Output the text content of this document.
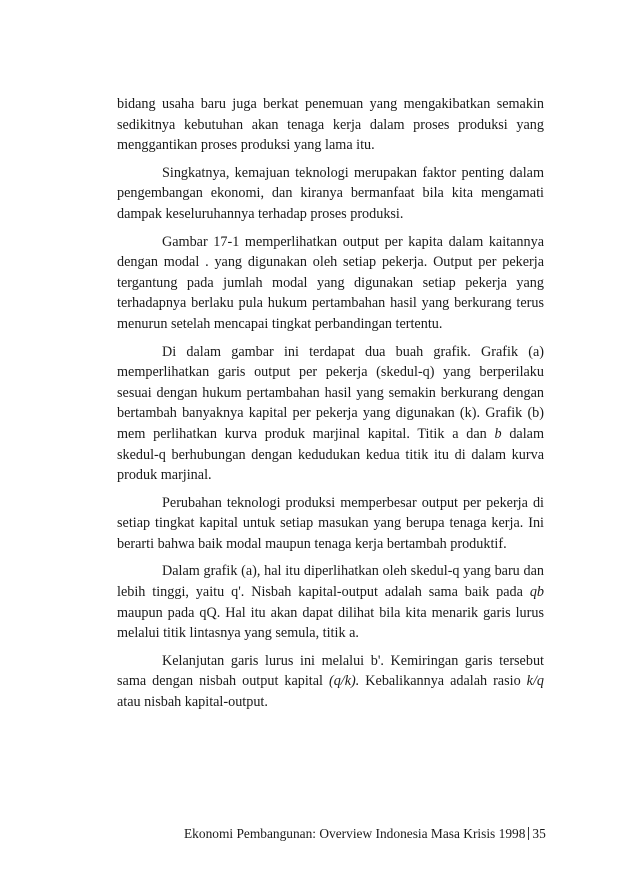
bidang usaha baru juga berkat penemuan yang mengakibatkan semakin sedikitnya kebutuhan akan tenaga kerja dalam proses produksi yang menggantikan proses produksi yang lama itu.

Singkatnya, kemajuan teknologi merupakan faktor penting dalam pengembangan ekonomi, dan kiranya bermanfaat bila kita mengamati dampak keseluruhannya terhadap proses produksi.

Gambar 17-1 memperlihatkan output per kapita dalam kaitannya dengan modal . yang digunakan oleh setiap pekerja. Output per pekerja tergantung pada jumlah modal yang digunakan setiap pekerja yang terhadapnya berlaku pula hukum pertambahan hasil yang berkurang terus menurun setelah mencapai tingkat perbandingan tertentu.

Di dalam gambar ini terdapat dua buah grafik. Grafik (a) memperlihatkan garis output per pekerja (skedul-q) yang berperilaku sesuai dengan hukum pertambahan hasil yang semakin berkurang dengan bertambah banyaknya kapital per pekerja yang digunakan (k). Grafik (b) mem perlihatkan kurva produk marjinal kapital. Titik a dan b dalam skedul-q berhubungan dengan kedudukan kedua titik itu di dalam kurva produk marjinal.

Perubahan teknologi produksi memperbesar output per pekerja di setiap tingkat kapital untuk setiap masukan yang berupa tenaga kerja. Ini berarti bahwa baik modal maupun tenaga kerja bertambah produktif.

Dalam grafik (a), hal itu diperlihatkan oleh skedul-q yang baru dan lebih tinggi, yaitu q'. Nisbah kapital-output adalah sama baik pada qb maupun pada qQ. Hal itu akan dapat dilihat bila kita menarik garis lurus melalui titik lintasnya yang semula, titik a.

Kelanjutan garis lurus ini melalui b'. Kemiringan garis tersebut sama dengan nisbah output kapital (q/k). Kebalikannya adalah rasio k/q atau nisbah kapital-output.

Ekonomi Pembangunan: Overview Indonesia Masa Krisis 1998 35
